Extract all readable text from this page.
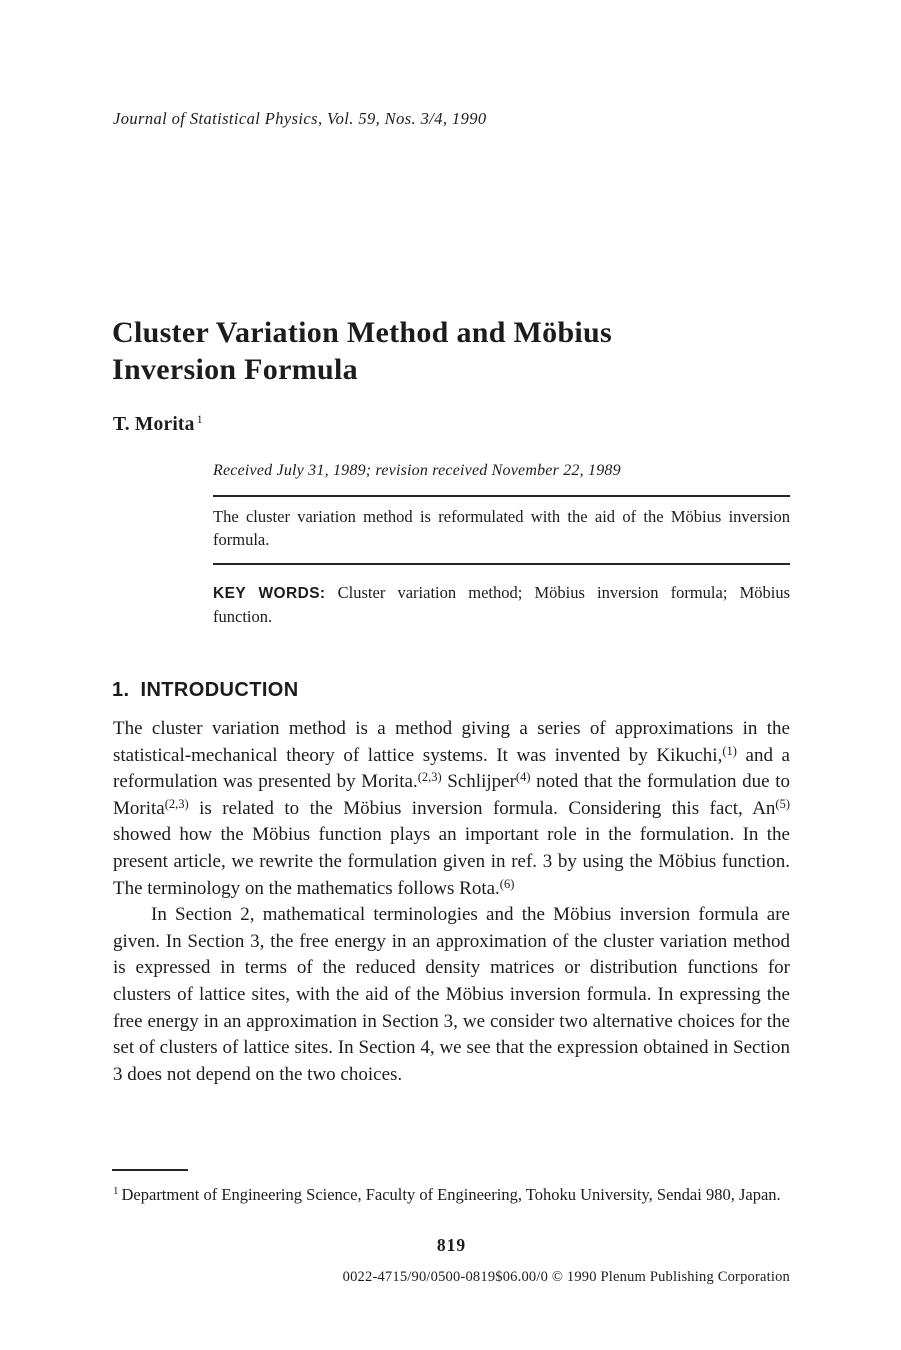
Journal of Statistical Physics, Vol. 59, Nos. 3/4, 1990
Cluster Variation Method and Möbius
Inversion Formula
T. Morita $^1$
Received July 31, 1989; revision received November 22, 1989

The cluster variation method is reformulated with the aid of the Möbius inversion formula.

KEY WORDS: Cluster variation method; Möbius inversion formula; Möbius function.

1. INTRODUCTION

The cluster variation method is a method giving a series of approximations in the statistical-mechanical theory of lattice systems. It was invented by Kikuchi,$^{(1)}$ and a reformulation was presented by Morita.$^{(2,3)}$ Schlijper$^{(4)}$ noted that the formulation due to Morita$^{(2,3)}$ is related to the Möbius inversion formula. Considering this fact, An$^{(5)}$ showed how the Möbius function plays an important role in the formulation. In the present article, we rewrite the formulation given in ref. 3 by using the Möbius function. The terminology on the mathematics follows Rota.$^{(6)}$

In Section 2, mathematical terminologies and the Möbius inversion formula are given. In Section 3, the free energy in an approximation of the cluster variation method is expressed in terms of the reduced density matrices or distribution functions for clusters of lattice sites, with the aid of the Möbius inversion formula. In expressing the free energy in an approximation in Section 3, we consider two alternative choices for the set of clusters of lattice sites. In Section 4, we see that the expression obtained in Section 3 does not depend on the two choices.

$^1$ Department of Engineering Science, Faculty of Engineering, Tohoku University, Sendai 980, Japan.
819
0022-4715/90/0500-0819$06.00/0 © 1990 Plenum Publishing Corporation
